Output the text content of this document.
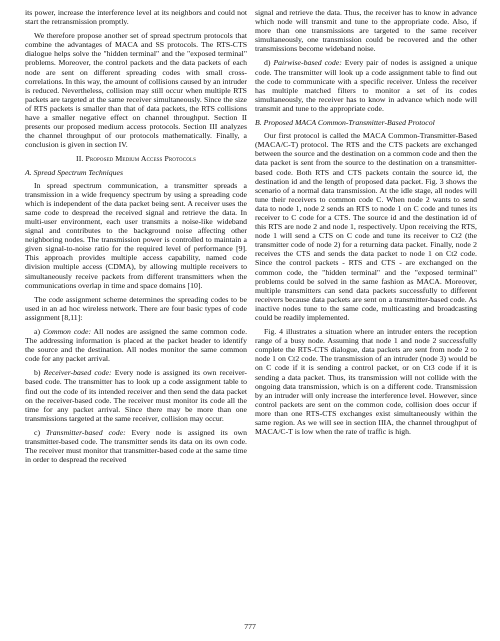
its power, increase the interference level at its neighbors and could not start the retransmission promptly.

We therefore propose another set of spread spectrum protocols that combine the advantages of MACA and SS protocols. The RTS-CTS dialogue helps solve the "hidden terminal" and the "exposed terminal" problems. Moreover, the control packets and the data packets of each node are sent on different spreading codes with small cross-correlations. In this way, the amount of collisions caused by an intruder is reduced. Nevertheless, collision may still occur when multiple RTS packets are targeted at the same receiver simultaneously. Since the size of RTS packets is smaller than that of data packets, the RTS collisions have a smaller negative effect on channel throughput. Section II presents our proposed medium access protocols. Section III analyzes the channel throughput of our protocols mathematically. Finally, a conclusion is given in section IV.

II. Proposed Medium Access Protocols
A. Spread Spectrum Techniques

In spread spectrum communication, a transmitter spreads a transmission in a wide frequency spectrum by using a spreading code which is independent of the data packet being sent. A receiver uses the same code to despread the received signal and retrieve the data. In multi-user environment, each user transmits a noise-like wideband signal and contributes to the background noise affecting other neighboring nodes. The transmission power is controlled to maintain a given signal-to-noise ratio for the required level of performance [9]. This approach provides multiple access capability, named code division multiple access (CDMA), by allowing multiple receivers to simultaneously receive packets from different transmitters when the communications overlap in time and space domains [10].

The code assignment scheme determines the spreading codes to be used in an ad hoc wireless network. There are four basic types of code assignment [8,11]:

a) Common code: All nodes are assigned the same common code. The addressing information is placed at the packet header to identify the source and the destination. All nodes monitor the same common code for any packet arrival.

b) Receiver-based code: Every node is assigned its own receiver-based code. The transmitter has to look up a code assignment table to find out the code of its intended receiver and then send the data packet on the receiver-based code. The receiver must monitor its code all the time for any packet arrival. Since there may be more than one transmissions targeted at the same receiver, collision may occur.

c) Transmitter-based code: Every node is assigned its own transmitter-based code. The transmitter sends its data on its own code. The receiver must monitor that transmitter-based code at the same time in order to despread the received

signal and retrieve the data. Thus, the receiver has to know in advance which node will transmit and tune to the appropriate code. Also, if more than one transmissions are targeted to the same receiver simultaneously, one transmission could be recovered and the other transmissions become wideband noise.

d) Pairwise-based code: Every pair of nodes is assigned a unique code. The transmitter will look up a code assignment table to find out the code to communicate with a specific receiver. Unless the receiver has multiple matched filters to monitor a set of its codes simultaneously, the receiver has to know in advance which node will transmit and tune to the appropriate code.

B. Proposed MACA Common-Transmitter-Based Protocol

Our first protocol is called the MACA Common-Transmitter-Based (MACA/C-T) protocol. The RTS and the CTS packets are exchanged between the source and the destination on a common code and then the data packet is sent from the source to the destination on a transmitter-based code. Both RTS and CTS packets contain the source id, the destination id and the length of proposed data packet. Fig. 3 shows the scenario of a normal data transmission. At the idle stage, all nodes will tune their receivers to common code C. When node 2 wants to send data to node 1, node 2 sends an RTS to node 1 on C code and tunes its receiver to C code for a CTS. The source id and the destination id of this RTS are node 2 and node 1, respectively. Upon receiving the RTS, node 1 will send a CTS on C code and tune its receiver to Ct2 (the transmitter code of node 2) for a returning data packet. Finally, node 2 receives the CTS and sends the data packet to node 1 on Ct2 code. Since the control packets - RTS and CTS - are exchanged on the common code, the "hidden terminal" and the "exposed terminal" problems could be solved in the same fashion as MACA. Moreover, multiple transmitters can send data packets successfully to different receivers because data packets are sent on a transmitter-based code. As inactive nodes tune to the same code, multicasting and broadcasting could be readily implemented.

Fig. 4 illustrates a situation where an intruder enters the reception range of a busy node. Assuming that node 1 and node 2 successfully complete the RTS-CTS dialogue, data packets are sent from node 2 to node 1 on Ct2 code. The transmission of an intruder (node 3) would be on C code if it is sending a control packet, or on Ct3 code if it is sending a data packet. Thus, its transmission will not collide with the ongoing data transmission, which is on a different code. Transmission by an intruder will only increase the interference level. However, since control packets are sent on the common code, collision does occur if more than one RTS-CTS exchanges exist simultaneously within the same region. As we will see in section IIIA, the channel throughput of MACA/C-T is low when the rate of traffic is high.

777
